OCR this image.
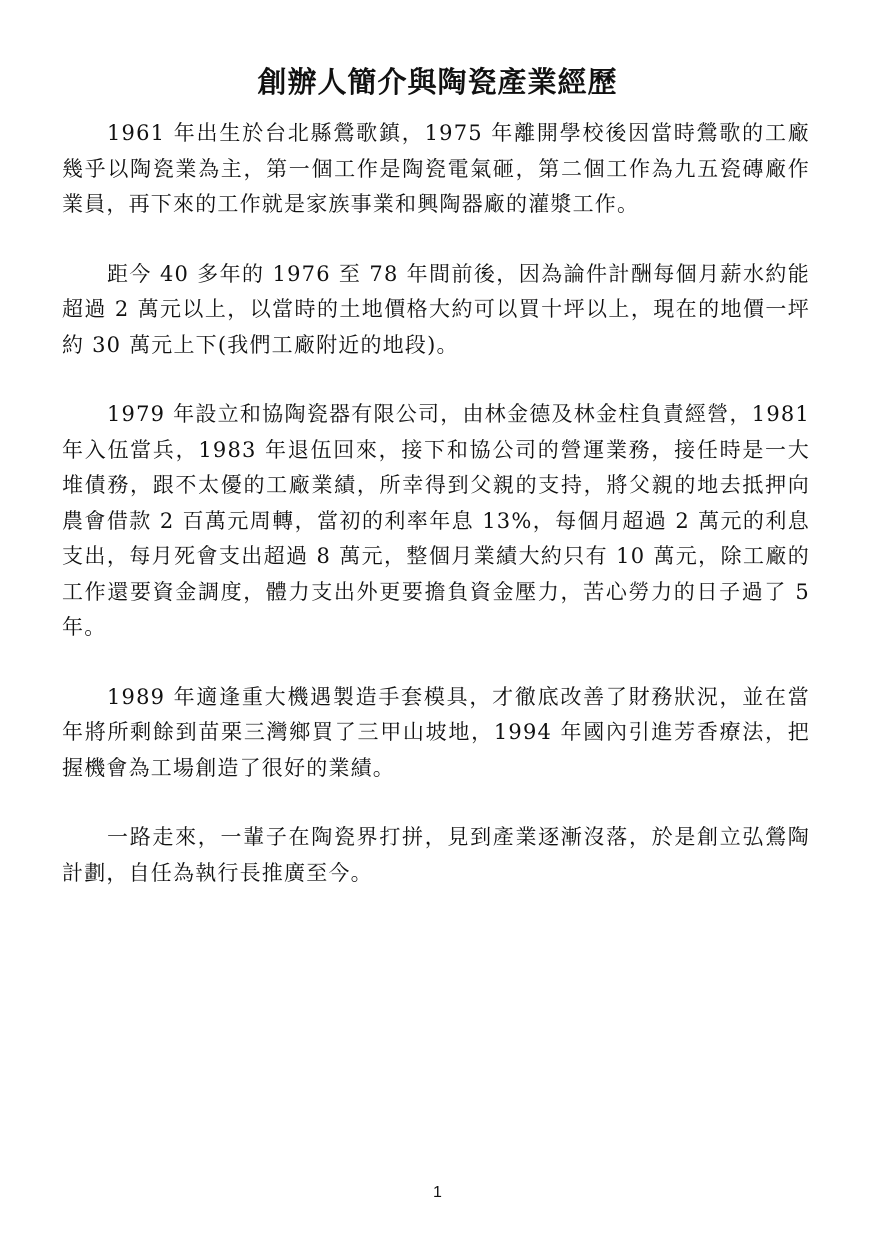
創辦人簡介與陶瓷產業經歷

1961 年出生於台北縣鶯歌鎮，1975 年離開學校後因當時鶯歌的工廠幾乎以陶瓷業為主，第一個工作是陶瓷電氣砸，第二個工作為九五瓷磚廠作業員，再下來的工作就是家族事業和興陶器廠的灌漿工作。

距今 40 多年的 1976 至 78 年間前後，因為論件計酬每個月薪水約能超過 2 萬元以上，以當時的土地價格大約可以買十坪以上，現在的地價一坪約 30 萬元上下(我們工廠附近的地段)。

1979 年設立和協陶瓷器有限公司，由林金德及林金柱負責經營，1981 年入伍當兵，1983 年退伍回來，接下和協公司的營運業務，接任時是一大堆債務，跟不太優的工廠業績，所幸得到父親的支持，將父親的地去抵押向農會借款 2 百萬元周轉，當初的利率年息 13%，每個月超過 2 萬元的利息支出，每月死會支出超過 8 萬元，整個月業績大約只有 10 萬元，除工廠的工作還要資金調度，體力支出外更要擔負資金壓力，苦心勞力的日子過了 5 年。

1989 年適逢重大機遇製造手套模具，才徹底改善了財務狀況，並在當年將所剩餘到苗栗三灣鄉買了三甲山坡地，1994 年國內引進芳香療法，把握機會為工場創造了很好的業績。

一路走來，一輩子在陶瓷界打拼，見到產業逐漸沒落，於是創立弘鶯陶計劃，自任為執行長推廣至今。

1
